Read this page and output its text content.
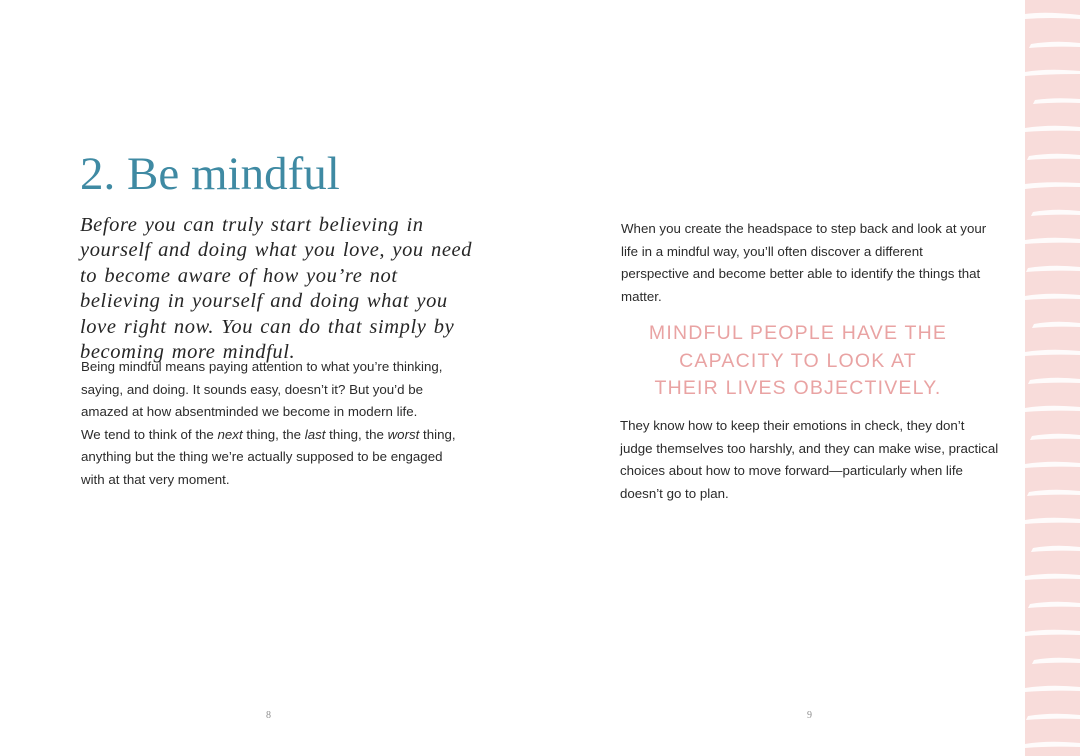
2. Be mindful

Before you can truly start believing in yourself and doing what you love, you need to become aware of how you’re not believing in yourself and doing what you love right now. You can do that simply by becoming more mindful.

Being mindful means paying attention to what you’re thinking, saying, and doing. It sounds easy, doesn’t it? But you’d be amazed at how absentminded we become in modern life.
We tend to think of the next thing, the last thing, the worst thing, anything but the thing we’re actually supposed to be engaged with at that very moment.
8

When you create the headspace to step back and look at your life in a mindful way, you’ll often discover a different perspective and become better able to identify the things that matter.

MINDFUL PEOPLE HAVE THE
CAPACITY TO LOOK AT
THEIR LIVES OBJECTIVELY.

They know how to keep their emotions in check, they don’t judge themselves too harshly, and they can make wise, practical choices about how to move forward—particularly when life doesn’t go to plan.

9
